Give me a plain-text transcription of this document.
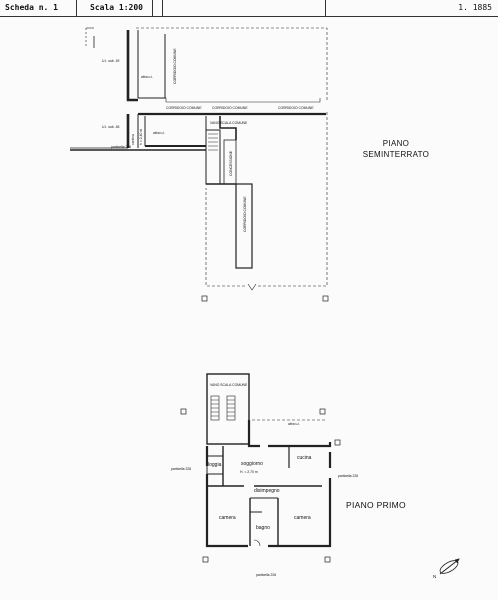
Scheda n. 1	Scala 1:200	1. 1885
altra u.i.
U.I. sub. 49
U.I. sub. 48
altra u.i.
CORRIDOIO COMUNE	CORRIDOIO COMUNE	CORRIDOIO COMUNE
VANO SCALA COMUNE
particella 226
CORRIDOIO COMUNE
CORRIDOIO COMUNE
CONCESSIONE
cantina h = 2,40 m
VANO SCALA COMUNE
altra u.i.
soggiorno
H. = 2,70 m
cucina
loggia
disimpegno
camera	camera
bagno
particella 226
particella 226
particella 226	N
PIANO
SEMINTERRATO
PIANO PRIMO
